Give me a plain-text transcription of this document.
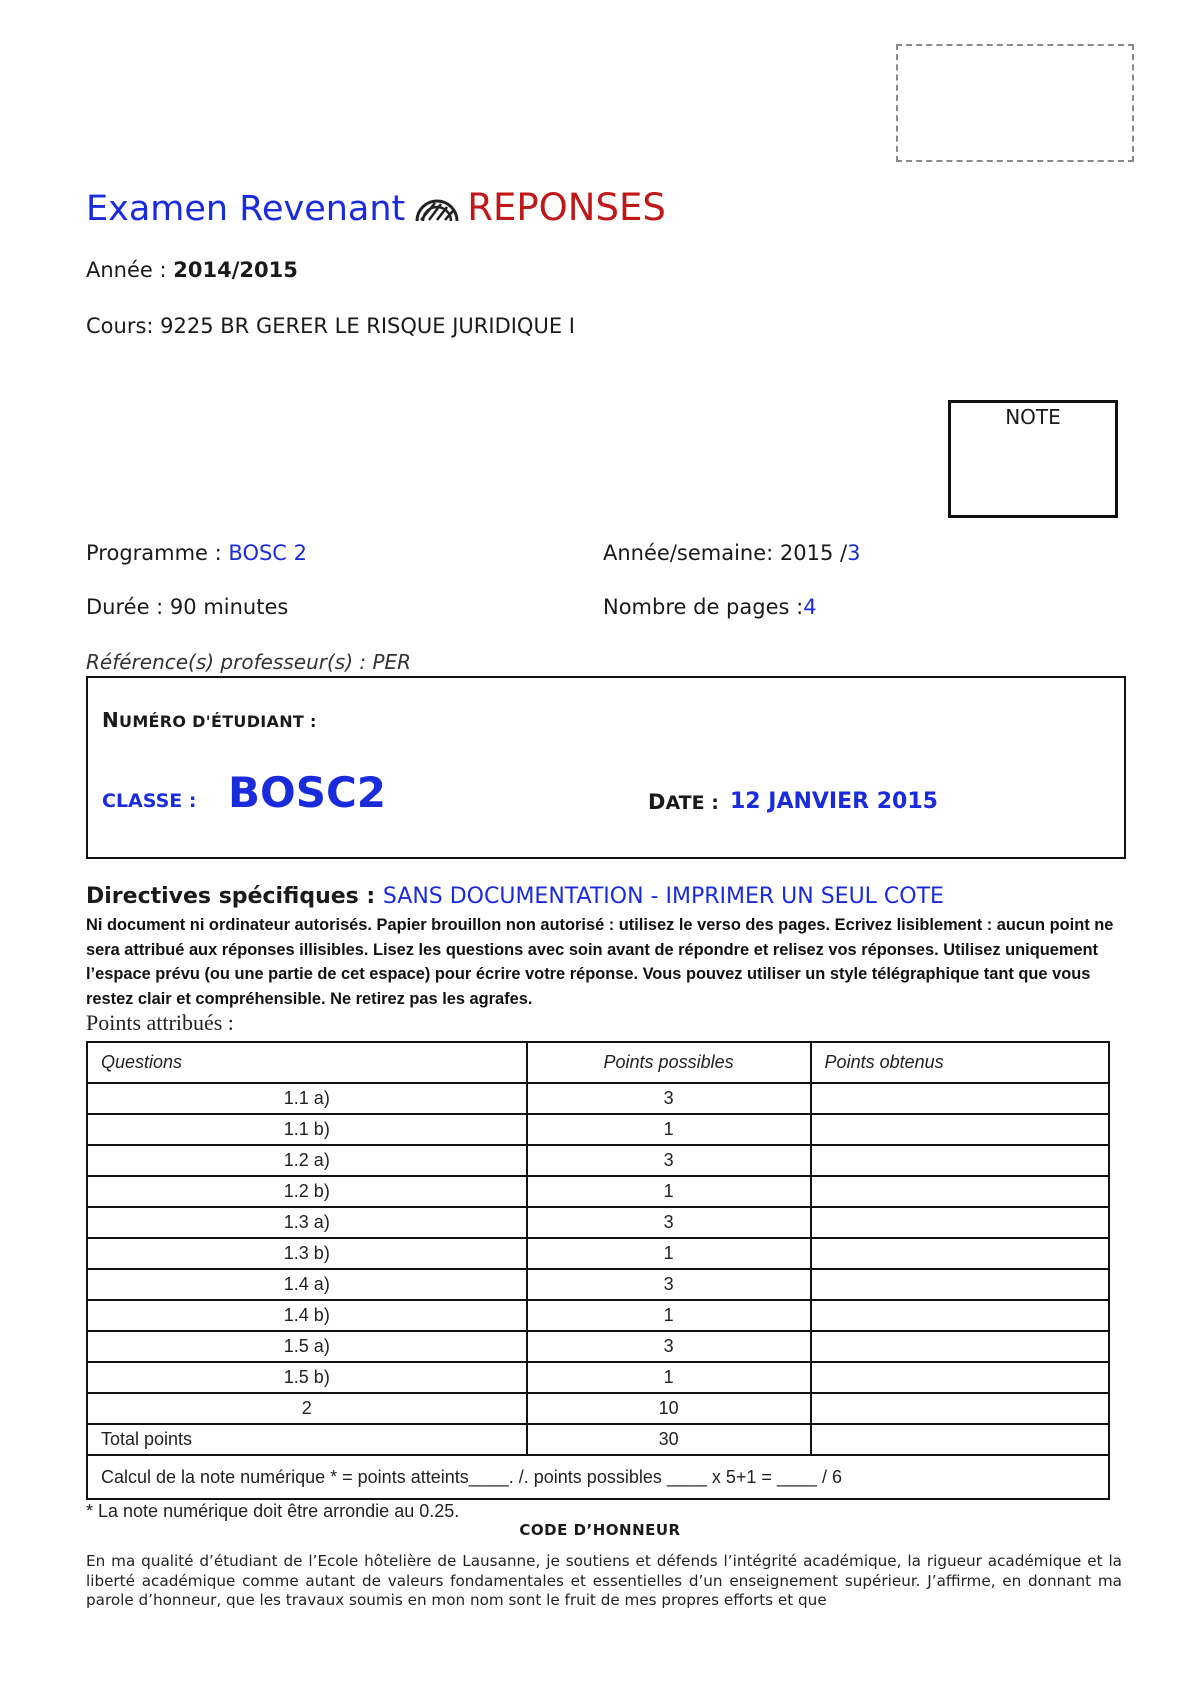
Examen Revenant REPONSES
Année : 2014/2015
Cours: 9225 BR GERER LE RISQUE JURIDIQUE I
NOTE
Programme : BOSC 2	Année/semaine: 2015 /3
Durée : 90 minutes	Nombre de pages :4
Référence(s) professeur(s) : PER
NUMÉRO D'ÉTUDIANT :
CLASSE : BOSC2	DATE : 12 JANVIER 2015
Directives spécifiques : SANS DOCUMENTATION - IMPRIMER UN SEUL COTE
Ni document ni ordinateur autorisés. Papier brouillon non autorisé : utilisez le verso des pages. Ecrivez lisiblement : aucun point ne sera attribué aux réponses illisibles. Lisez les questions avec soin avant de répondre et relisez vos réponses. Utilisez uniquement l’espace prévu (ou une partie de cet espace) pour écrire votre réponse. Vous pouvez utiliser un style télégraphique tant que vous restez clair et compréhensible. Ne retirez pas les agrafes.
Points attribués :
Questions	Points possibles	Points obtenus
1.1 a)	3	
1.1 b)	1	
1.2 a)	3	
1.2 b)	1	
1.3 a)	3	
1.3 b)	1	
1.4 a)	3	
1.4 b)	1	
1.5 a)	3	
1.5 b)	1	
2	10	
Total points	30	
Calcul de la note numérique * = points atteints____. /. points possibles ____ x 5+1 = ____ / 6		
* La note numérique doit être arrondie au 0.25.
CODE D’HONNEUR
En ma qualité d’étudiant de l’Ecole hôtelière de Lausanne, je soutiens et défends l’intégrité académique, la rigueur académique et la liberté académique comme autant de valeurs fondamentales et essentielles d’un enseignement supérieur. J’affirme, en donnant ma parole d’honneur, que les travaux soumis en mon nom sont le fruit de mes propres efforts et que
